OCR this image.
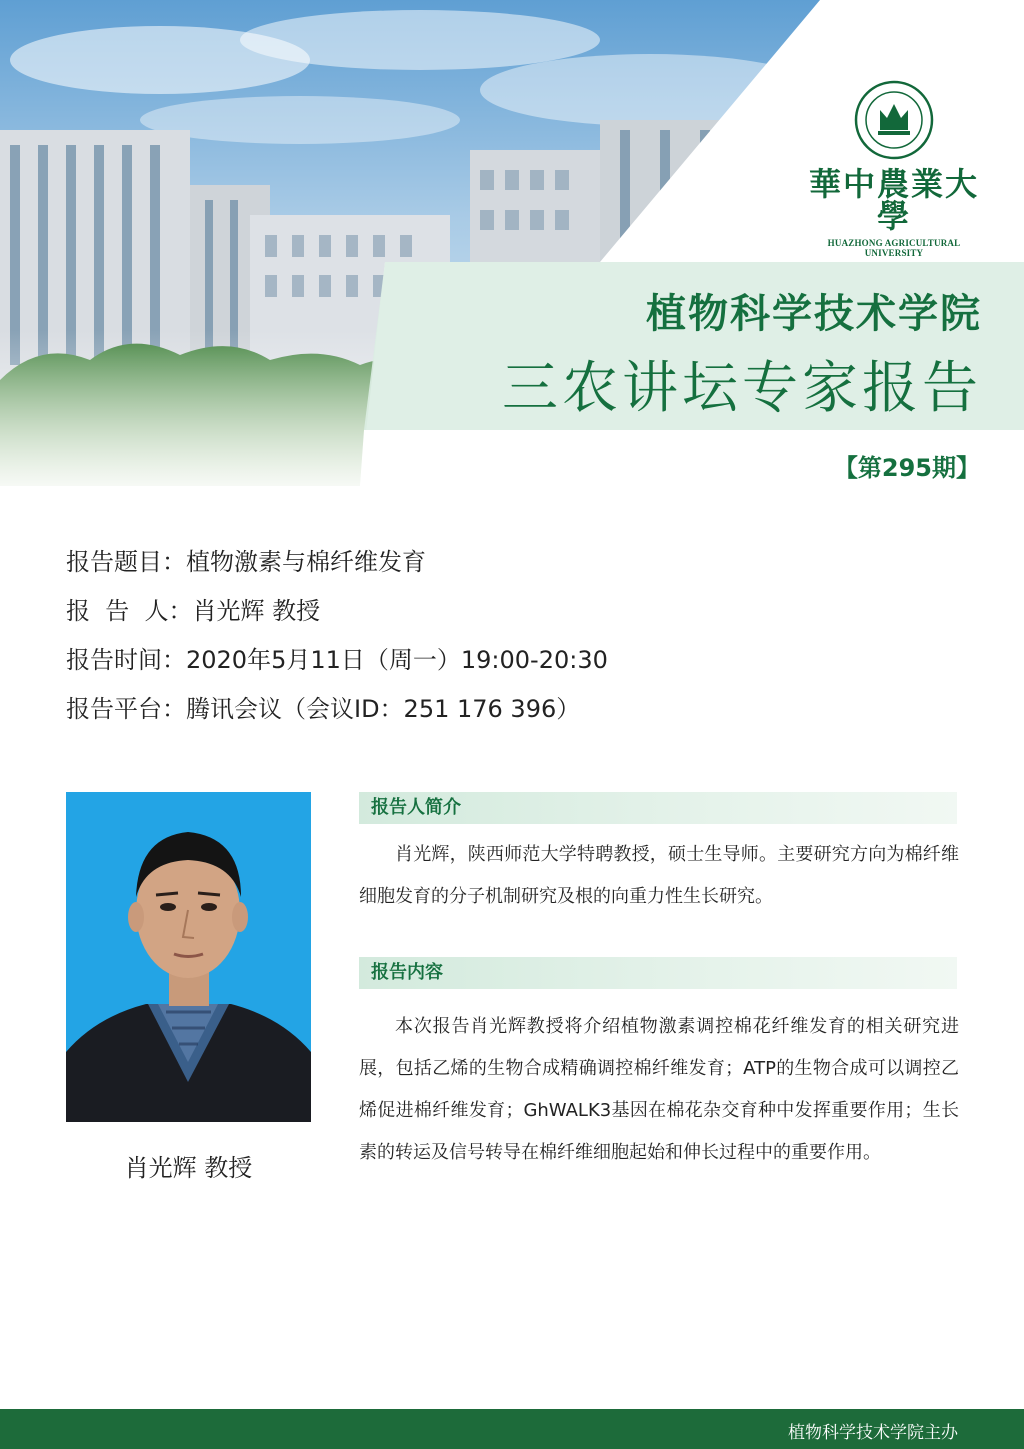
華中農業大學
HUAZHONG AGRICULTURAL UNIVERSITY
植物科学技术学院
三农讲坛专家报告
【第295期】
报告题目： 植物激素与棉纤维发育
报  告  人： 肖光辉 教授
报告时间： 2020年5月11日（周一）19:00-20:30
报告平台： 腾讯会议（会议ID：251 176 396）
肖光辉 教授
报告人简介
肖光辉，陕西师范大学特聘教授，硕士生导师。主要研究方向为棉纤维细胞发育的分子机制研究及根的向重力性生长研究。
报告内容
本次报告肖光辉教授将介绍植物激素调控棉花纤维发育的相关研究进展，包括乙烯的生物合成精确调控棉纤维发育；ATP的生物合成可以调控乙烯促进棉纤维发育；GhWALK3基因在棉花杂交育种中发挥重要作用；生长素的转运及信号转导在棉纤维细胞起始和伸长过程中的重要作用。
植物科学技术学院主办
